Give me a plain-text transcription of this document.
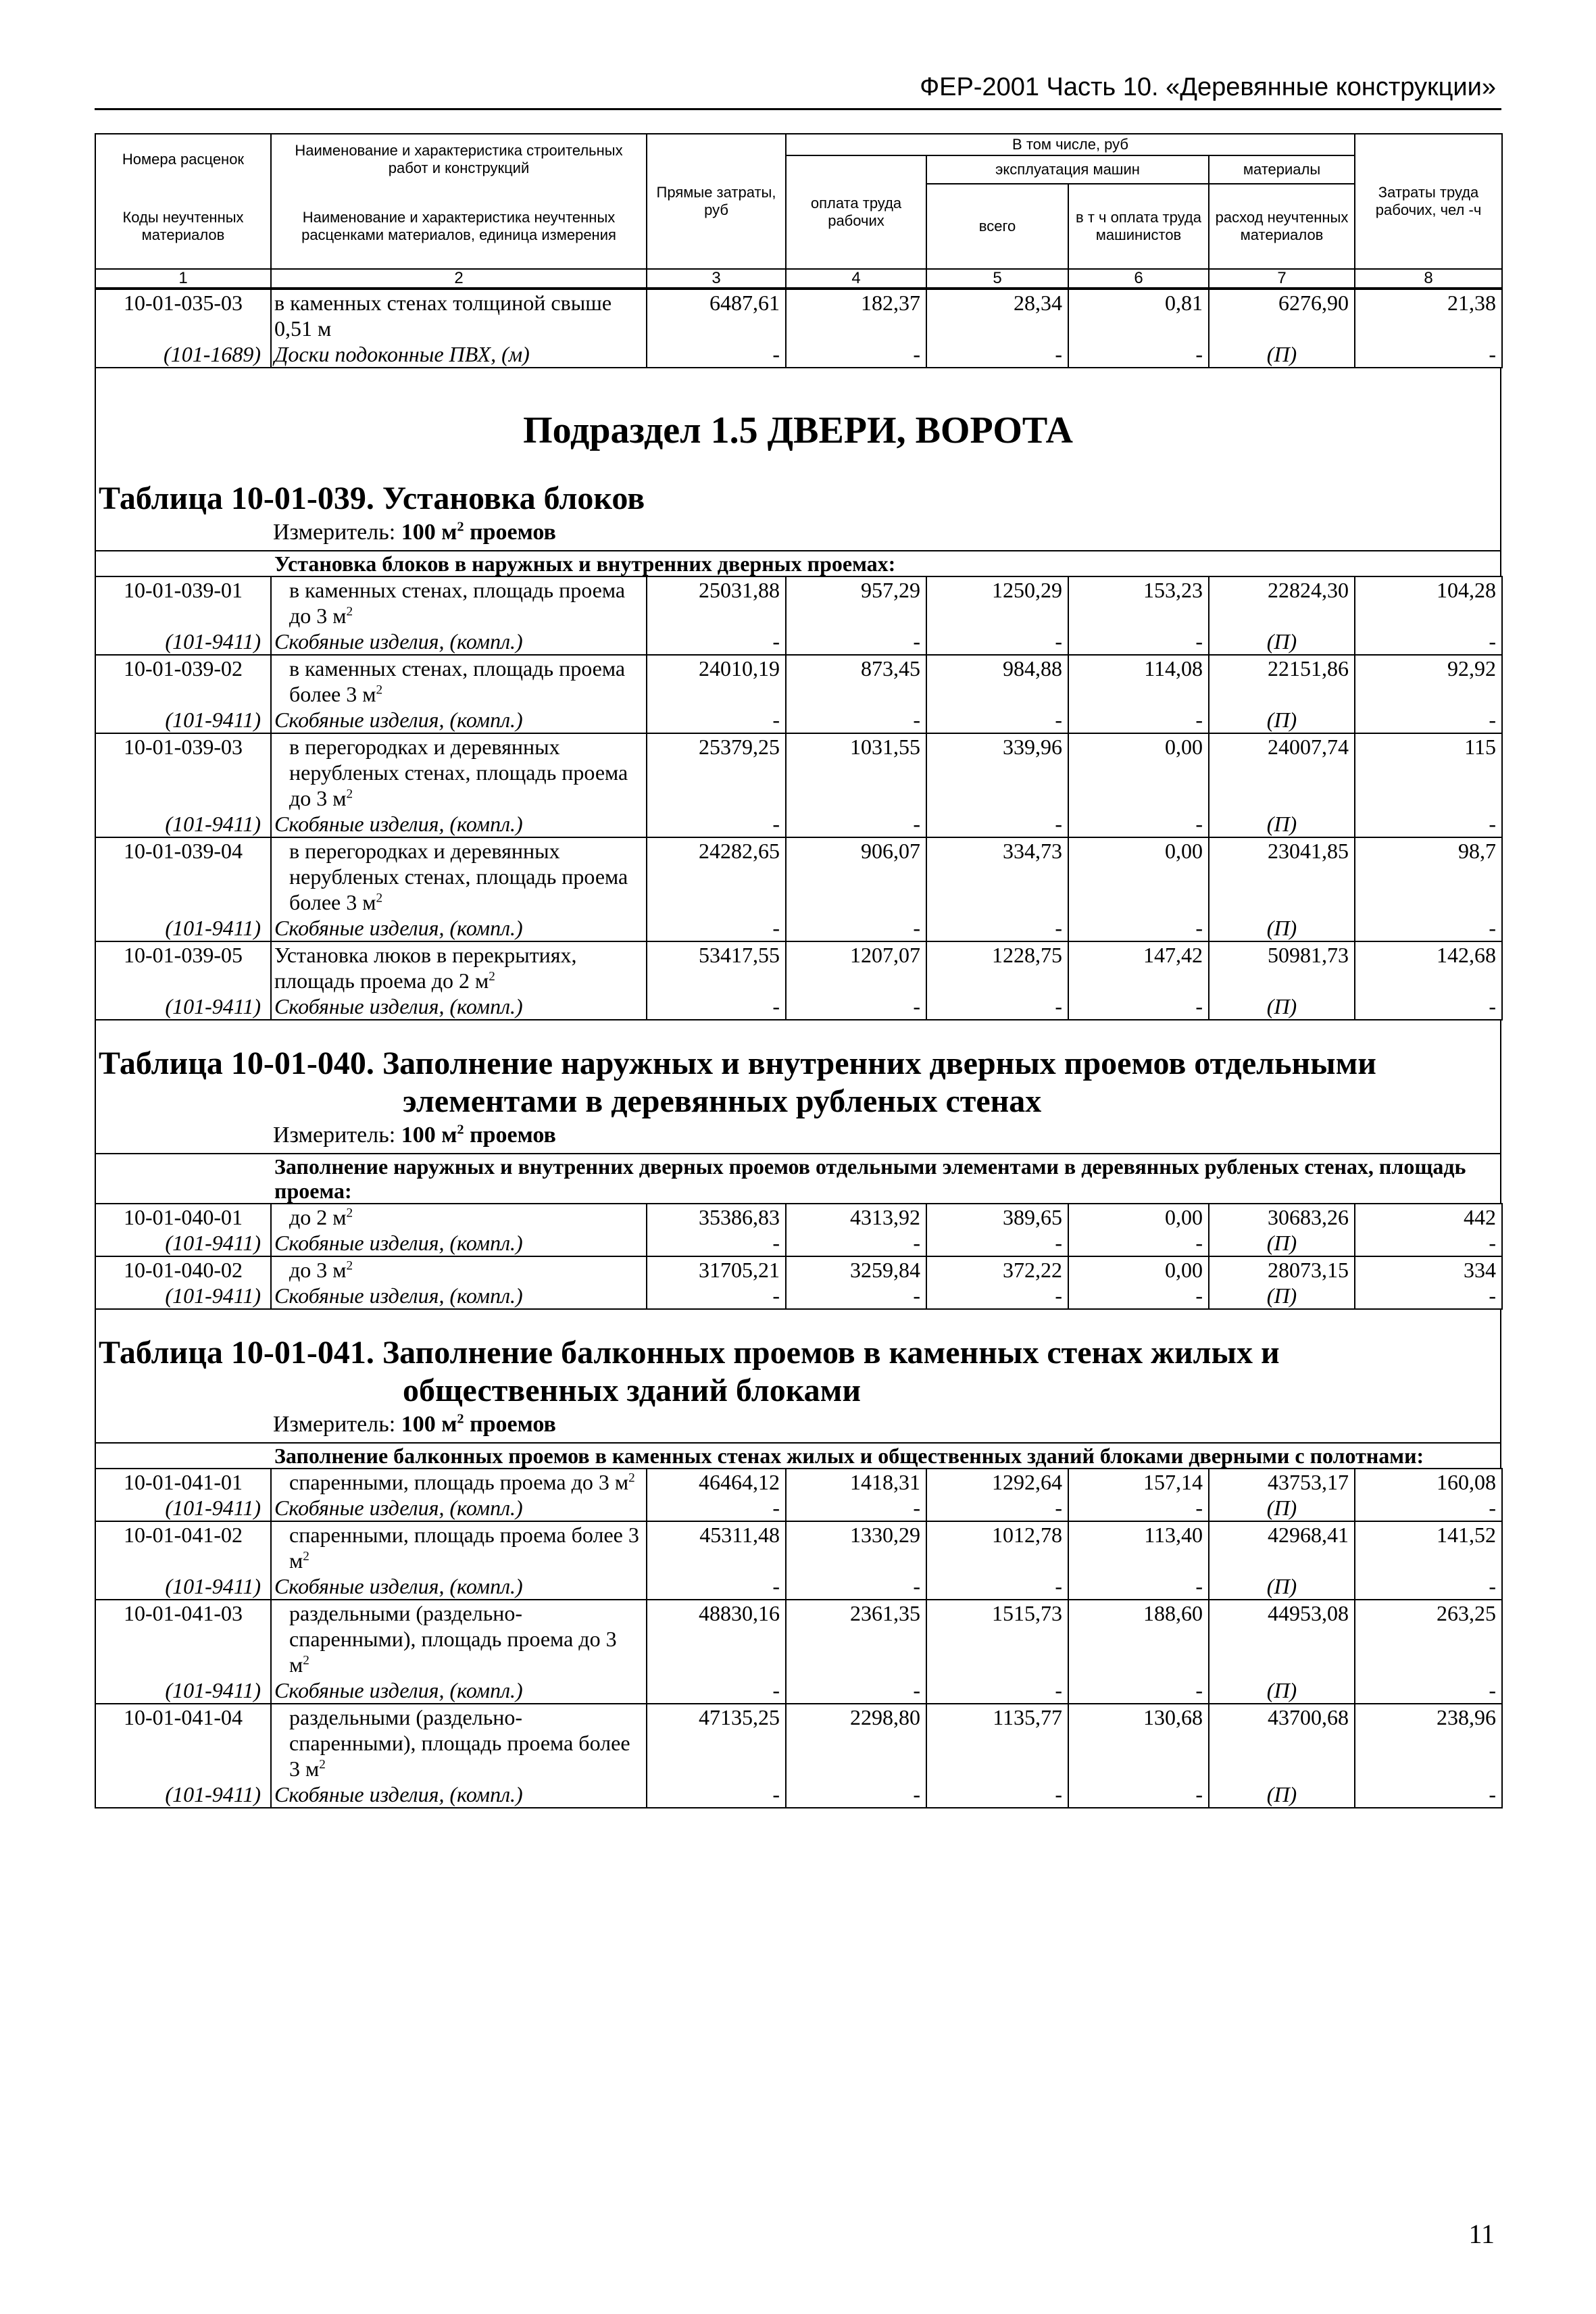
ФЕР-2001 Часть 10. «Деревянные конструкции»
Номера расценок	Наименование и характеристика строительных работ и конструкций	Прямые затраты, руб	В том числе, руб				Затраты труда рабочих, чел -ч
			оплата труда рабочих	эксплуатация машин		материалы	
Коды неучтенных материалов	Наименование и характеристика неучтенных расценками материалов, единица измерения			всего	в т ч оплата труда машинистов	расход неучтенных материалов	

1	2	3	4	5	6	7	8
10-01-035-03	в каменных стенах толщиной свыше 0,51 м	6487,61	182,37	28,34	0,81	6276,90	21,38
(101-1689)	Доски подоконные ПВХ, (м)	-	-	-	-	(П)	-
Подраздел 1.5 ДВЕРИ, ВОРОТА
Таблица 10-01-039. Установка блоков
Измеритель: 100 $м^2$ проемов
Установка блоков в наружных и внутренних дверных проемах:
10-01-039-01	в каменных стенах, площадь проема до 3 $м^2$	25031,88	957,29	1250,29	153,23	22824,30	104,28
(101-9411)	Скобяные изделия, (компл.)	-	-	-	-	(П)	-
10-01-039-02	в каменных стенах, площадь проема более 3 $м^2$	24010,19	873,45	984,88	114,08	22151,86	92,92
(101-9411)	Скобяные изделия, (компл.)	-	-	-	-	(П)	-
10-01-039-03	в перегородках и деревянных нерубленых стенах, площадь проема до 3 $м^2$	25379,25	1031,55	339,96	0,00	24007,74	115
(101-9411)	Скобяные изделия, (компл.)	-	-	-	-	(П)	-
10-01-039-04	в перегородках и деревянных нерубленых стенах, площадь проема более 3 $м^2$	24282,65	906,07	334,73	0,00	23041,85	98,7
(101-9411)	Скобяные изделия, (компл.)	-	-	-	-	(П)	-
10-01-039-05	Установка люков в перекрытиях, площадь проема до 2 $м^2$	53417,55	1207,07	1228,75	147,42	50981,73	142,68
(101-9411)	Скобяные изделия, (компл.)	-	-	-	-	(П)	-
Таблица 10-01-040. Заполнение наружных и внутренних дверных проемов отдельными
элементами в деревянных рубленых стенах
Измеритель: 100 $м^2$ проемов
Заполнение наружных и внутренних дверных проемов отдельными элементами в деревянных рубленых стенах, площадь проема:
10-01-040-01	до 2 $м^2$	35386,83	4313,92	389,65	0,00	30683,26	442
(101-9411)	Скобяные изделия, (компл.)	-	-	-	-	(П)	-
10-01-040-02	до 3 $м^2$	31705,21	3259,84	372,22	0,00	28073,15	334
(101-9411)	Скобяные изделия, (компл.)	-	-	-	-	(П)	-
Таблица 10-01-041. Заполнение балконных проемов в каменных стенах жилых и
общественных зданий блоками
Измеритель: 100 $м^2$ проемов
Заполнение балконных проемов в каменных стенах жилых и общественных зданий блоками дверными с полотнами:
10-01-041-01	спаренными, площадь проема до 3 $м^2$	46464,12	1418,31	1292,64	157,14	43753,17	160,08
(101-9411)	Скобяные изделия, (компл.)	-	-	-	-	(П)	-
10-01-041-02	спаренными, площадь проема более 3 $м^2$	45311,48	1330,29	1012,78	113,40	42968,41	141,52
(101-9411)	Скобяные изделия, (компл.)	-	-	-	-	(П)	-
10-01-041-03	раздельными (раздельно-спаренными), площадь проема до 3 $м^2$	48830,16	2361,35	1515,73	188,60	44953,08	263,25
(101-9411)	Скобяные изделия, (компл.)	-	-	-	-	(П)	-
10-01-041-04	раздельными (раздельно-спаренными), площадь проема более 3 $м^2$	47135,25	2298,80	1135,77	130,68	43700,68	238,96
(101-9411)	Скобяные изделия, (компл.)	-	-	-	-	(П)	-
11
